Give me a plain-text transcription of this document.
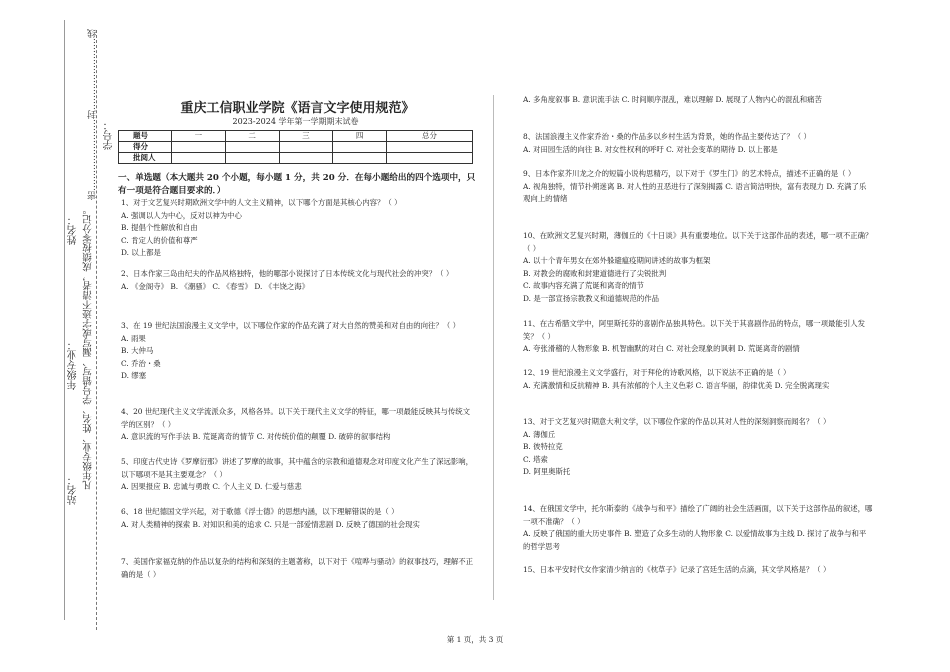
学号：
密……………………封……………………线
凡年级专业、姓名、学号错写、漏写或字迹不清者，成绩按零分记。
姓名：
年级专业：
站名：
重庆工信职业学院《语言文字使用规范》
2023-2024 学年第一学期期末试卷
题号	一	二	三	四	总分
得分					
批阅人					
一、单选题（本大题共 20 个小题，每小题 1 分，共 20 分．在每小题给出的四个选项中，只有一项是符合题目要求的．）
1、对于文艺复兴时期欧洲文学中的人文主义精神，以下哪个方面是其核心内容？（ ）
A. 强调以人为中心，反对以神为中心
B. 提倡个性解放和自由
C. 肯定人的价值和尊严
D. 以上都是
2、日本作家三岛由纪夫的作品风格独特，他的哪部小说探讨了日本传统文化与现代社会的冲突？（ ）
A. 《金阁寺》 B. 《潮骚》 C. 《春雪》 D. 《丰饶之海》
3、在 19 世纪法国浪漫主义文学中，以下哪位作家的作品充满了对大自然的赞美和对自由的向往？（ ）
A. 雨果
B. 大仲马
C. 乔治・桑
D. 缪塞
4、20 世纪现代主义文学流派众多，风格各异。以下关于现代主义文学的特征，哪一项最能反映其与传统文学的区别？（ ）
A. 意识流的写作手法 B. 荒诞离奇的情节 C. 对传统价值的颠覆 D. 破碎的叙事结构
5、印度古代史诗《罗摩衍那》讲述了罗摩的故事，其中蕴含的宗教和道德观念对印度文化产生了深远影响，以下哪项不是其主要观念？（ ）
A. 因果报应 B. 忠诚与勇敢 C. 个人主义 D. 仁爱与慈悲
6、18 世纪德国文学兴起，对于歌德《浮士德》的思想内涵，以下理解错误的是（ ）
A. 对人类精神的探索 B. 对知识和美的追求 C. 只是一部爱情悲剧 D. 反映了德国的社会现实
7、美国作家福克纳的作品以复杂的结构和深刻的主题著称，以下对于《喧哗与骚动》的叙事技巧，理解不正确的是（ ）
A. 多角度叙事 B. 意识流手法 C. 时间顺序混乱，难以理解 D. 展现了人物内心的混乱和痛苦
8、法国浪漫主义作家乔治・桑的作品多以乡村生活为背景，她的作品主要传达了？（ ）
A. 对田园生活的向往 B. 对女性权利的呼吁 C. 对社会变革的期待 D. 以上都是
9、日本作家芥川龙之介的短篇小说构思精巧，以下对于《罗生门》的艺术特点，描述不正确的是（ ）
A. 视角独特，情节扑朔迷离 B. 对人性的丑恶进行了深刻揭露 C. 语言简洁明快，富有表现力 D. 充满了乐观向上的情绪
10、在欧洲文艺复兴时期，薄伽丘的《十日谈》具有重要地位。以下关于这部作品的表述，哪一项不正确？（ ）
A. 以十个青年男女在郊外躲避瘟疫期间讲述的故事为框架
B. 对教会的腐败和封建道德进行了尖锐批判
C. 故事内容充满了荒诞和离奇的情节
D. 是一部宣扬宗教教义和道德规范的作品
11、在古希腊文学中，阿里斯托芬的喜剧作品独具特色。以下关于其喜剧作品的特点，哪一项最能引人发笑？（ ）
A. 夸张滑稽的人物形象 B. 机智幽默的对白 C. 对社会现象的讽刺 D. 荒诞离奇的剧情
12、19 世纪浪漫主义文学盛行，对于拜伦的诗歌风格，以下说法不正确的是（ ）
A. 充满激情和反抗精神 B. 具有浓郁的个人主义色彩 C. 语言华丽，韵律优美 D. 完全脱离现实
13、对于文艺复兴时期意大利文学，以下哪位作家的作品以其对人性的深刻洞察而闻名？（ ）
A. 薄伽丘
B. 彼特拉克
C. 塔索
D. 阿里奥斯托
14、在俄国文学中，托尔斯泰的《战争与和平》描绘了广阔的社会生活画面，以下关于这部作品的叙述，哪一项不准确？（ ）
A. 反映了俄国的重大历史事件 B. 塑造了众多生动的人物形象 C. 以爱情故事为主线 D. 探讨了战争与和平的哲学思考
15、日本平安时代女作家清少纳言的《枕草子》记录了宫廷生活的点滴，其文学风格是？（ ）
第 1 页，共 3 页
